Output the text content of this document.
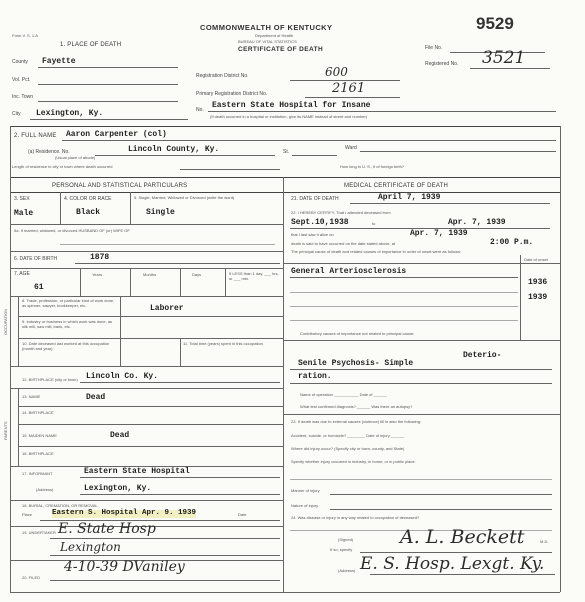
Form V. S. 1-A
COMMONWEALTH OF KENTUCKY
Department of Health
BUREAU OF VITAL STATISTICS
CERTIFICATE OF DEATH
9529
File No.
Registered No. 3521
Registration District No.	600
Primary Registration District No.	2161
1. PLACE OF DEATH
County Fayette
Vol. Pct.
Inc. Town
City Lexington, Ky.	No. Eastern State Hospital for Insane
(If death occurred in a hospital or institution, give its NAME instead of street and number)
2. FULL NAME Aaron Carpenter (col)
(a) Residence. No.
(Usual place of abode)
Lincoln County, Ky.	St.
Ward
Length of residence in city or town where death occurred	How long in U. S., if of foreign birth?
PERSONAL AND STATISTICAL PARTICULARS	MEDICAL CERTIFICATE OF DEATH
3. SEX
Male
4. COLOR OR RACE
Black
5. Single, Married, Widowed or Divorced (write the word)
Single
5a. If married, widowed, or divorced HUSBAND OF (or) WIFE OF
6. DATE OF BIRTH	1878
7. AGE
61
Years	Months	Days	If LESS than 1 day, ___ hrs. or ___ min.
OCCUPATION
8. Trade, profession, or particular kind of work done, as spinner, sawyer, bookkeeper, etc.	Laborer
9. Industry or business in which work was done, as silk mill, saw mill, bank, etc.
10. Date deceased last worked at this occupation (month and year)
11. Total time (years) spent in this occupation
12. BIRTHPLACE (city or town) Lincoln Co. Ky.
PARENTS
13. NAME	Dead
14. BIRTHPLACE
15. MAIDEN NAME	Dead
16. BIRTHPLACE
17. INFORMANT	Eastern State Hospital
(Address)	Lexington, Ky.
18. BURIAL, CREMATION, OR REMOVAL
Place	Eastern S. Hospital Apr. 9. 1939	Date
19. UNDERTAKER E. State Hosp
Lexington
20. FILED
4-10-39 DVaniley
21. DATE OF DEATH	April 7, 1939
22. I HEREBY CERTIFY, That I attended deceased from
Sept.10,1938	to	Apr. 7, 1939
that I last saw h alive on	Apr. 7, 1939
death is said to have occurred on the date stated above, at	2:00 P.m.
The principal cause of death and related causes of importance in order of onset were as follows:
Date of onset
General Arteriosclerosis
1936
1939
Contributory causes of importance not related to principal cause:
Senile Psychosis- Simple
Deterio-
ration.
Name of operation ___________ Date of ______
What test confirmed diagnosis? ______ Was there an autopsy?
23. If death was due to external causes (violence) fill in also the following:
Accident, suicide, or homicide? ________ Date of injury ______
Where did injury occur? (Specify city or town, county, and State)
Specify whether injury occurred in industry, in home, or in public place.
Manner of injury
Nature of injury
24. Was disease or injury in any way related to occupation of deceased?
If so, specify
(Signed) A. L. Beckett	M.D.
(Address) E. S. Hosp. Lexgt. Ky.
